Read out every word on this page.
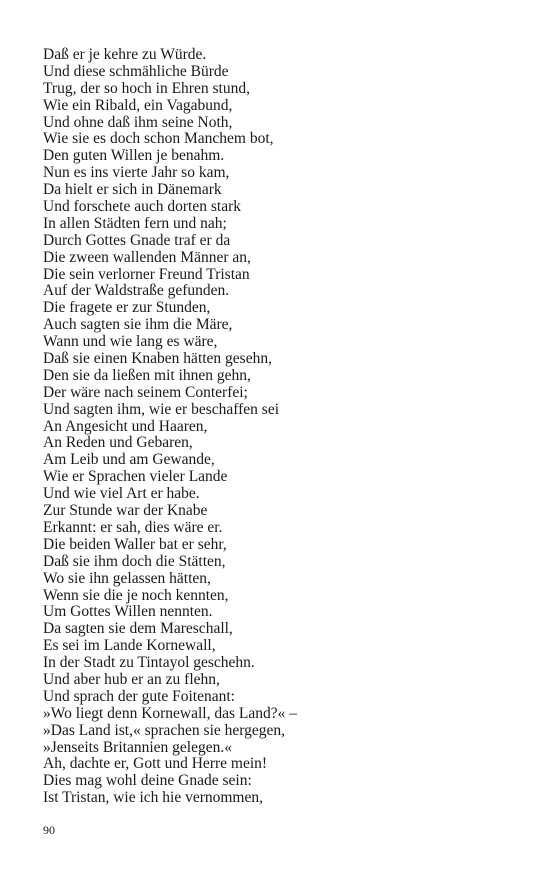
Daß er je kehre zu Würde.
Und diese schmähliche Bürde
Trug, der so hoch in Ehren stund,
Wie ein Ribald, ein Vagabund,
Und ohne daß ihm seine Noth,
Wie sie es doch schon Manchem bot,
Den guten Willen je benahm.
Nun es ins vierte Jahr so kam,
Da hielt er sich in Dänemark
Und forschete auch dorten stark
In allen Städten fern und nah;
Durch Gottes Gnade traf er da
Die zween wallenden Männer an,
Die sein verlorner Freund Tristan
Auf der Waldstraße gefunden.
Die fragete er zur Stunden,
Auch sagten sie ihm die Märe,
Wann und wie lang es wäre,
Daß sie einen Knaben hätten gesehn,
Den sie da ließen mit ihnen gehn,
Der wäre nach seinem Conterfei;
Und sagten ihm, wie er beschaffen sei
An Angesicht und Haaren,
An Reden und Gebaren,
Am Leib und am Gewande,
Wie er Sprachen vieler Lande
Und wie viel Art er habe.
Zur Stunde war der Knabe
Erkannt: er sah, dies wäre er.
Die beiden Waller bat er sehr,
Daß sie ihm doch die Stätten,
Wo sie ihn gelassen hätten,
Wenn sie die je noch kennten,
Um Gottes Willen nennten.
Da sagten sie dem Mareschall,
Es sei im Lande Kornewall,
In der Stadt zu Tintayol geschehn.
Und aber hub er an zu flehn,
Und sprach der gute Foitenant:
»Wo liegt denn Kornewall, das Land?« –
»Das Land ist,« sprachen sie hergegen,
»Jenseits Britannien gelegen.«
Ah, dachte er, Gott und Herre mein!
Dies mag wohl deine Gnade sein:
Ist Tristan, wie ich hie vernommen,
90
